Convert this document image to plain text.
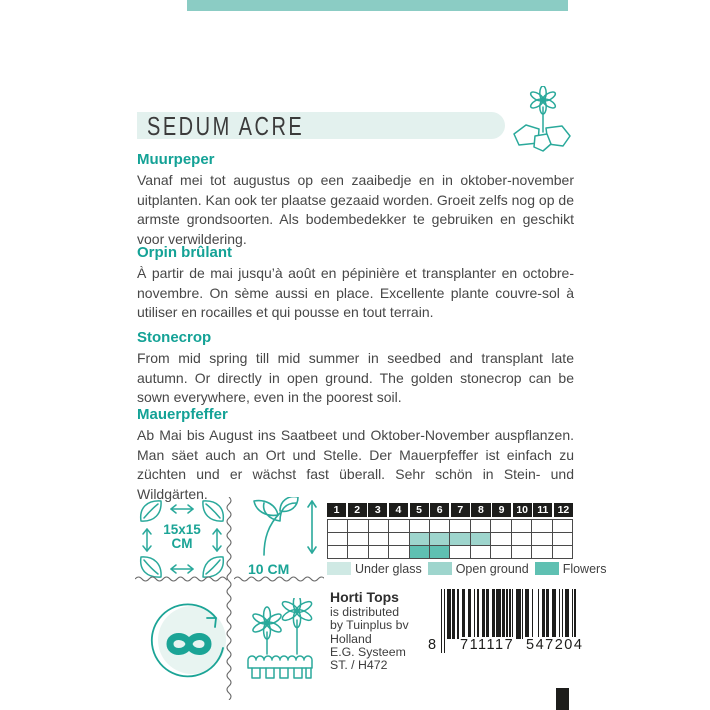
SEDUM ACRE
Muurpeper

Vanaf mei tot augustus op een zaaibedje en in oktober-november uitplanten. Kan ook ter plaatse gezaaid worden. Groeit zelfs nog op de armste grondsoorten. Als bodembedekker te gebruiken en geschikt voor verwildering.

Orpin brûlant

À partir de mai jusqu’à août en pépinière et transplanter en octobre-novembre. On sème aussi en place. Excellente plante couvre-sol à utiliser en rocailles et qui pousse en tout terrain.

Stonecrop

From mid spring till mid summer in seedbed and transplant late autumn. Or directly in open ground. The golden stonecrop can be sown everywhere, even in the poorest soil.

Mauerpfeffer

Ab Mai bis August ins Saatbeet und Oktober-November auspflanzen. Man säet auch an Ort und Stelle. Der Mauerpfeffer ist einfach zu züchten und er wächst fast überall. Sehr schön in Stein- und Wildgärten.

15x15
CM
10 CM
1	2	3	4	5	6	7	8	9	10 11 12
Under glass	Open ground	Flowers
Horti Tops
is distributed
by Tuinplus bv
Holland
E.G. Systeem
ST. / H472
8 711117 547204
